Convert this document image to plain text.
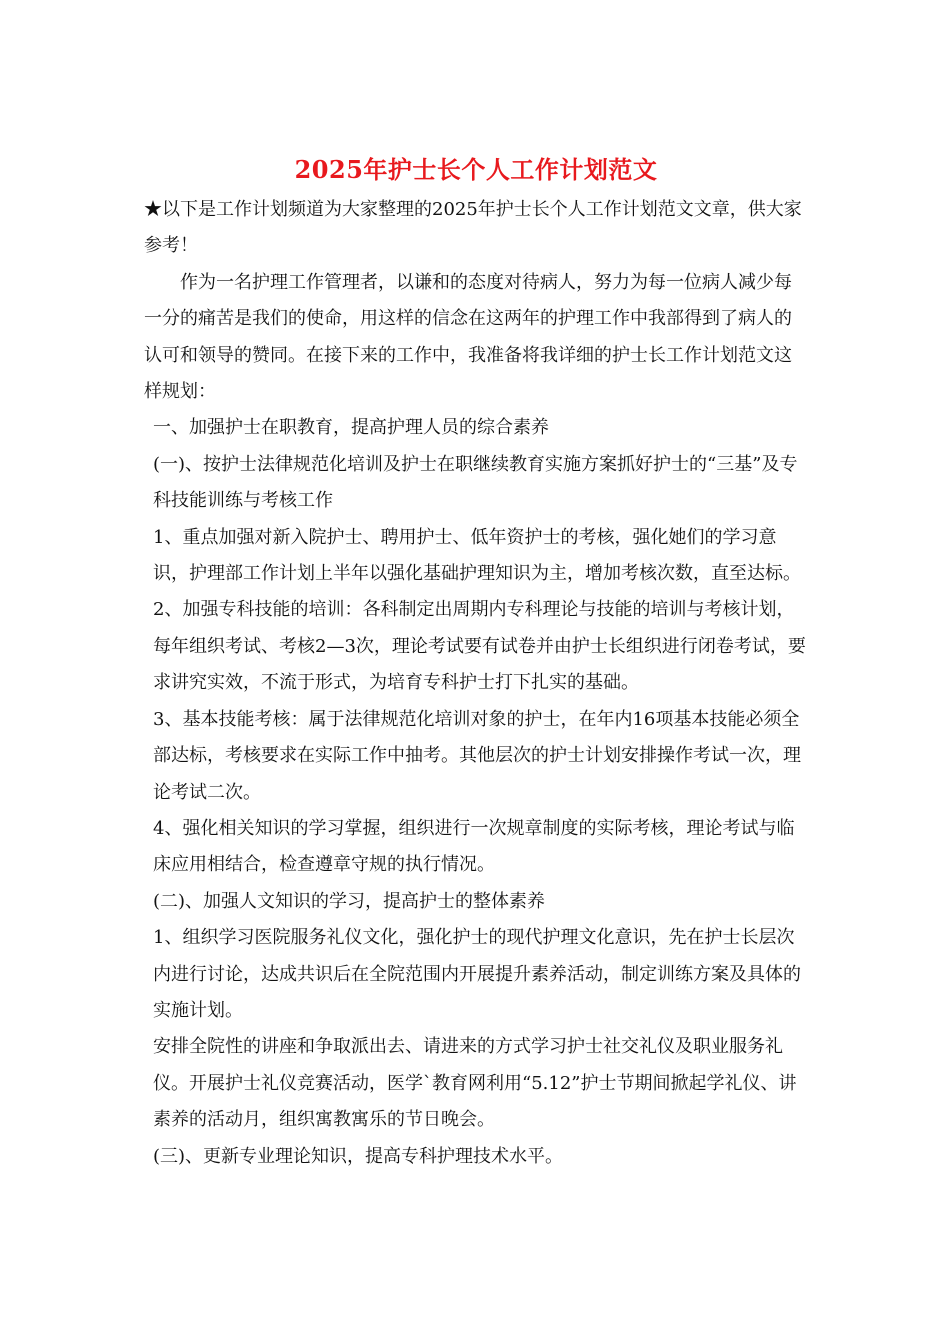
2025年护士长个人工作计划范文

★以下是工作计划频道为大家整理的2025年护士长个人工作计划范文文章，供大家参考！

作为一名护理工作管理者，以谦和的态度对待病人，努力为每一位病人减少每一分的痛苦是我们的使命，用这样的信念在这两年的护理工作中我部得到了病人的认可和领导的赞同。在接下来的工作中，我准备将我详细的护士长工作计划范文这样规划：

一、加强护士在职教育，提高护理人员的综合素养

(一)、按护士法律规范化培训及护士在职继续教育实施方案抓好护士的“三基”及专科技能训练与考核工作

1、重点加强对新入院护士、聘用护士、低年资护士的考核，强化她们的学习意识，护理部工作计划上半年以强化基础护理知识为主，增加考核次数，直至达标。

2、加强专科技能的培训：各科制定出周期内专科理论与技能的培训与考核计划，每年组织考试、考核2—3次，理论考试要有试卷并由护士长组织进行闭卷考试，要求讲究实效，不流于形式，为培育专科护士打下扎实的基础。

3、基本技能考核：属于法律规范化培训对象的护士，在年内16项基本技能必须全部达标，考核要求在实际工作中抽考。其他层次的护士计划安排操作考试一次，理论考试二次。

4、强化相关知识的学习掌握，组织进行一次规章制度的实际考核，理论考试与临床应用相结合，检查遵章守规的执行情况。

(二)、加强人文知识的学习，提高护士的整体素养

1、组织学习医院服务礼仪文化，强化护士的现代护理文化意识，先在护士长层次内进行讨论，达成共识后在全院范围内开展提升素养活动，制定训练方案及具体的实施计划。

安排全院性的讲座和争取派出去、请进来的方式学习护士社交礼仪及职业服务礼仪。开展护士礼仪竞赛活动，医学`教育网利用“5.12”护士节期间掀起学礼仪、讲素养的活动月，组织寓教寓乐的节日晚会。

(三)、更新专业理论知识，提高专科护理技术水平。
